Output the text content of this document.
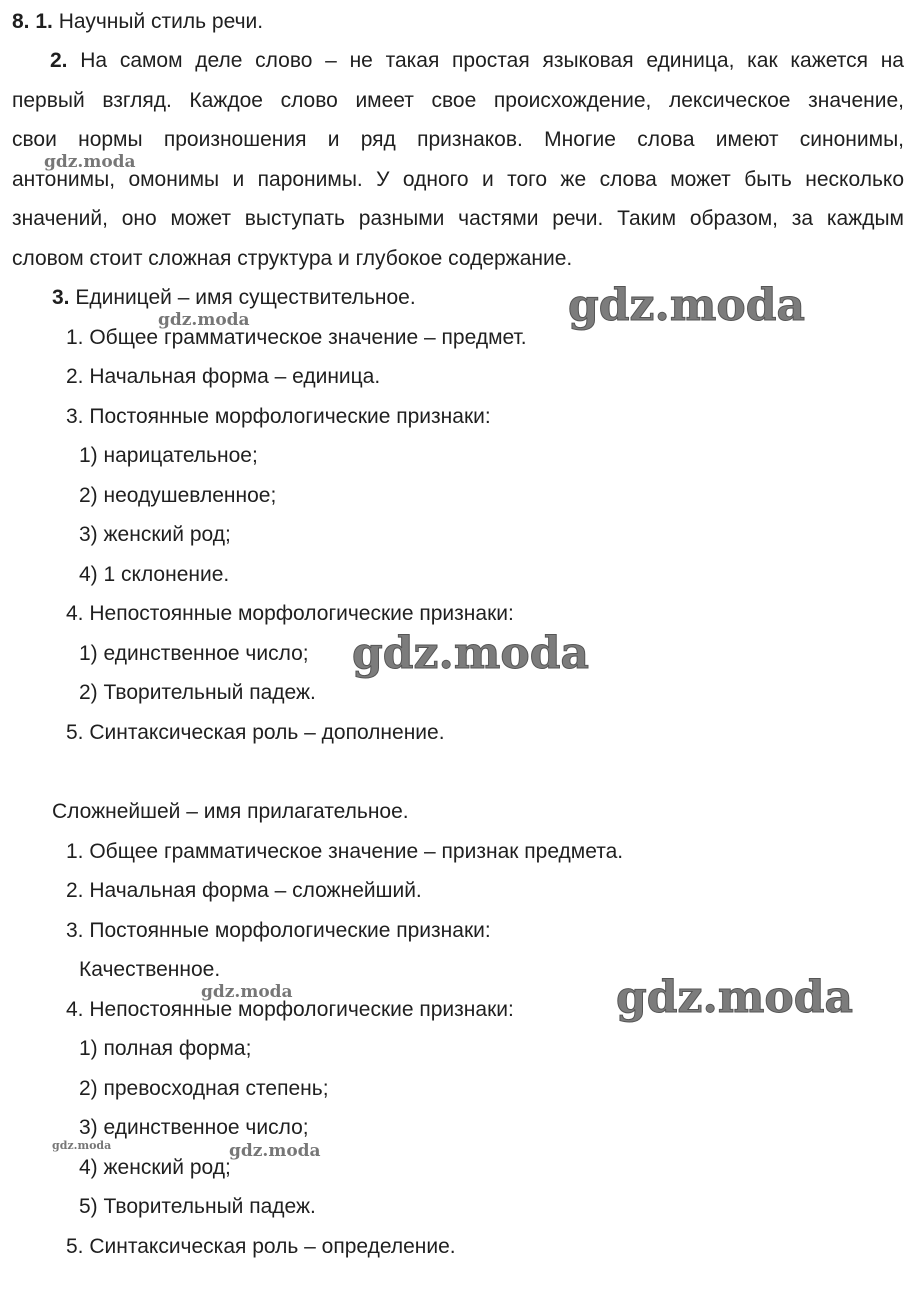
8. 1. Научный стиль речи.
2. На самом деле слово – не такая простая языковая единица, как кажется на
первый взгляд. Каждое слово имеет свое происхождение, лексическое значение,
свои нормы произношения и ряд признаков. Многие слова имеют синонимы,
антонимы, омонимы и паронимы. У одного и того же слова может быть несколько
значений, оно может выступать разными частями речи. Таким образом, за каждым
словом стоит сложная структура и глубокое содержание.
3. Единицей – имя существительное.
1. Общее грамматическое значение – предмет.
2. Начальная форма – единица.
3. Постоянные морфологические признаки:
1) нарицательное;
2) неодушевленное;
3) женский род;
4) 1 склонение.
4. Непостоянные морфологические признаки:
1) единственное число;
2) Творительный падеж.
5. Синтаксическая роль – дополнение.
Сложнейшей – имя прилагательное.
1. Общее грамматическое значение – признак предмета.
2. Начальная форма – сложнейший.
3. Постоянные морфологические признаки:
Качественное.
4. Непостоянные морфологические признаки:
1) полная форма;
2) превосходная степень;
3) единственное число;
4) женский род;
5) Творительный падеж.
5. Синтаксическая роль – определение.
gdz.moda
gdz.moda	gdz.moda
gdz.moda
gdz.moda	gdz.moda
gdz.moda	gdz.moda
